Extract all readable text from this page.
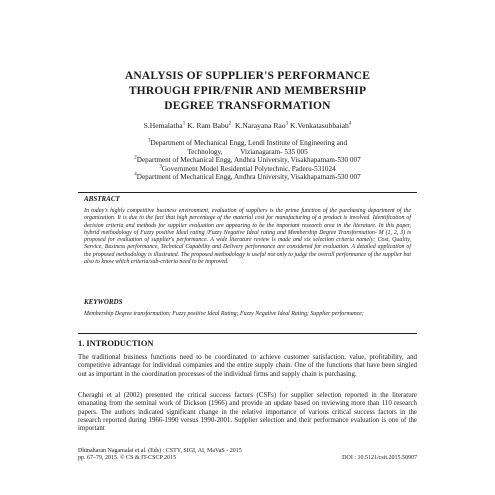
ANALYSIS OF SUPPLIER'S PERFORMANCE
THROUGH FPIR/FNIR AND MEMBERSHIP
DEGREE TRANSFORMATION

S.Hemalatha$^1$ K. Ram Babu$^2$ K.Narayana Rao$^3$ K.Venkatasubbaiah$^4$

$^1$Department of Mechanical Engg, Lendi Institute of Engineering and
Technology,          Vizianagaram- 535 005
$^2$Department of Mechanical Engg, Andhra University, Visakhapatnam-530 007
$^3$Government Model Residential Polytechnic, Paderu-531024
$^4$Department of Mechanical Engg, Andhra University, Visakhapatnam-530 007

ABSTRACT

In today's highly competitive business environment, evaluation of suppliers is the prime function of the purchasing department of the organization. It is due to the fact that high percentage of the material cost for manufacturing of a product is involved. Identification of decision criteria and methods for supplier evaluation are appearing to be the important research area in the literature. In this paper, hybrid methodology of Fuzzy positive Ideal rating /Fuzzy Negative Ideal rating and Membership Degree Transformation- M (1, 2, 3) is proposed for evaluation of supplier's performance. A wide literature review is made and six selection criteria namely: Cost, Quality, Service, Business performance, Technical Capability and Delivery performance are considered for evaluation. A detailed application of the proposed methodology is illustrated. The proposed methodology is useful not only to judge the overall performance of the supplier but also to know which criteria/sub-criteria need to be improved.

KEYWORDS

Membership Degree transformation; Fuzzy positive Ideal Rating; Fuzzy Negative Ideal Rating; Supplier performance;

1. INTRODUCTION

The traditional business functions need to be coordinated to achieve customer satisfaction, value, profitability, and competitive advantage for individual companies and the entire supply chain. One of the functions that have been singled out as important in the coordination processes of the individual firms and supply chain is purchasing.

Cheraghi et al (2002) presented the critical success factors (CSFs) for supplier selection reported in the literature emanating from the seminal work of Dickson (1966) and provide an update based on reviewing more than 110 research papers. The authors indicated significant change in the relative importance of various critical success factors in the research reported during 1966-1990 versus 1990-2001. Supplier selection and their performance evaluation is one of the important

Dhinaharan Nagamalai et al. (Eds) : CSTY, SIGI, AI, MaVaS - 2015
pp. 67–79, 2015. © CS & IT-CSCP 2015	DOI : 10.5121/csit.2015.50907
